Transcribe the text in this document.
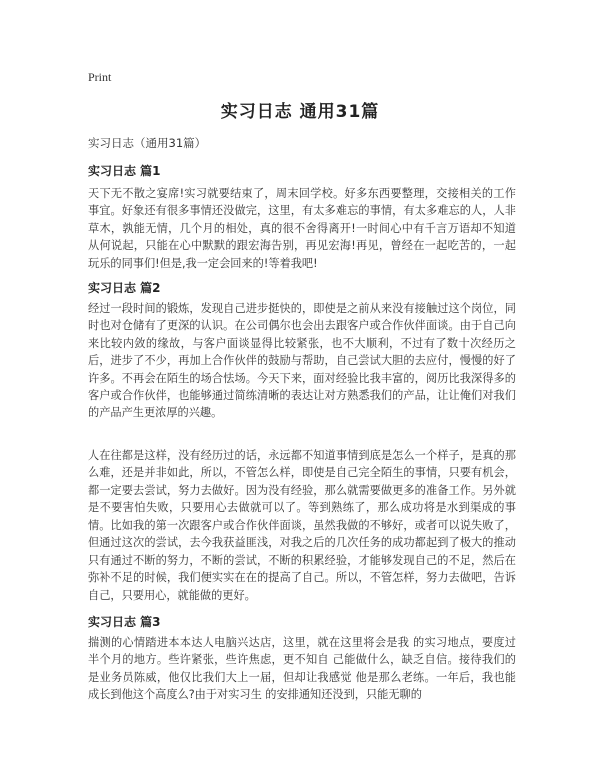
Print
实习日志 通用31篇
实习日志（通用31篇）
实习日志 篇1

天下无不散之宴席!实习就要结束了，周末回学校。好多东西要整理，交接相关的工作事宜。好象还有很多事情还没做完，这里，有太多难忘的事情，有太多难忘的人，人非草木，孰能无情，几个月的相处，真的很不舍得离开!一时间心中有千言万语却不知道从何说起，只能在心中默默的跟宏海告别，再见宏海!再见，曾经在一起吃苦的，一起玩乐的同事们!但是,我一定会回来的!等着我吧!

实习日志 篇2

经过一段时间的锻炼，发现自己进步挺快的，即使是之前从来没有接触过这个岗位，同时也对仓储有了更深的认识。在公司偶尔也会出去跟客户或合作伙伴面谈。由于自己向来比较内敛的缘故，与客户面谈显得比较紧张，也不大顺利，不过有了数十次经历之后，进步了不少，再加上合作伙伴的鼓励与帮助，自己尝试大胆的去应付，慢慢的好了许多。不再会在陌生的场合怯场。今天下来，面对经验比我丰富的，阅历比我深得多的客户或合作伙伴，也能够通过简练清晰的表达让对方熟悉我们的产品，让让俺们对我们的产品产生更浓厚的兴趣。

人在往都是这样，没有经历过的话，永远都不知道事情到底是怎么一个样子，是真的那么难，还是并非如此，所以，不管怎么样，即使是自己完全陌生的事情，只要有机会，都一定要去尝试，努力去做好。因为没有经验，那么就需要做更多的准备工作。另外就是不要害怕失败，只要用心去做就可以了。等到熟练了，那么成功将是水到渠成的事情。比如我的第一次跟客户或合作伙伴面谈，虽然我做的不够好，或者可以说失败了，但通过这次的尝试，去今我获益匪浅，对我之后的几次任务的成功都起到了极大的推动

只有通过不断的努力，不断的尝试，不断的积累经验，才能够发现自己的不足，然后在弥补不足的时候，我们便实实在在的提高了自己。所以，不管怎样，努力去做吧，告诉自己，只要用心，就能做的更好。

实习日志 篇3

揣测的心情踏进本本达人电脑兴达店，这里，就在这里将会是我 的实习地点，要度过半个月的地方。些许紧张，些许焦虑，更不知自 己能做什么，缺乏自信。接待我们的是业务员陈威，他仅比我们大上一届，但却让我感觉 他是那么老练。一年后，我也能成长到他这个高度么?由于对实习生 的安排通知还没到，只能无聊的
